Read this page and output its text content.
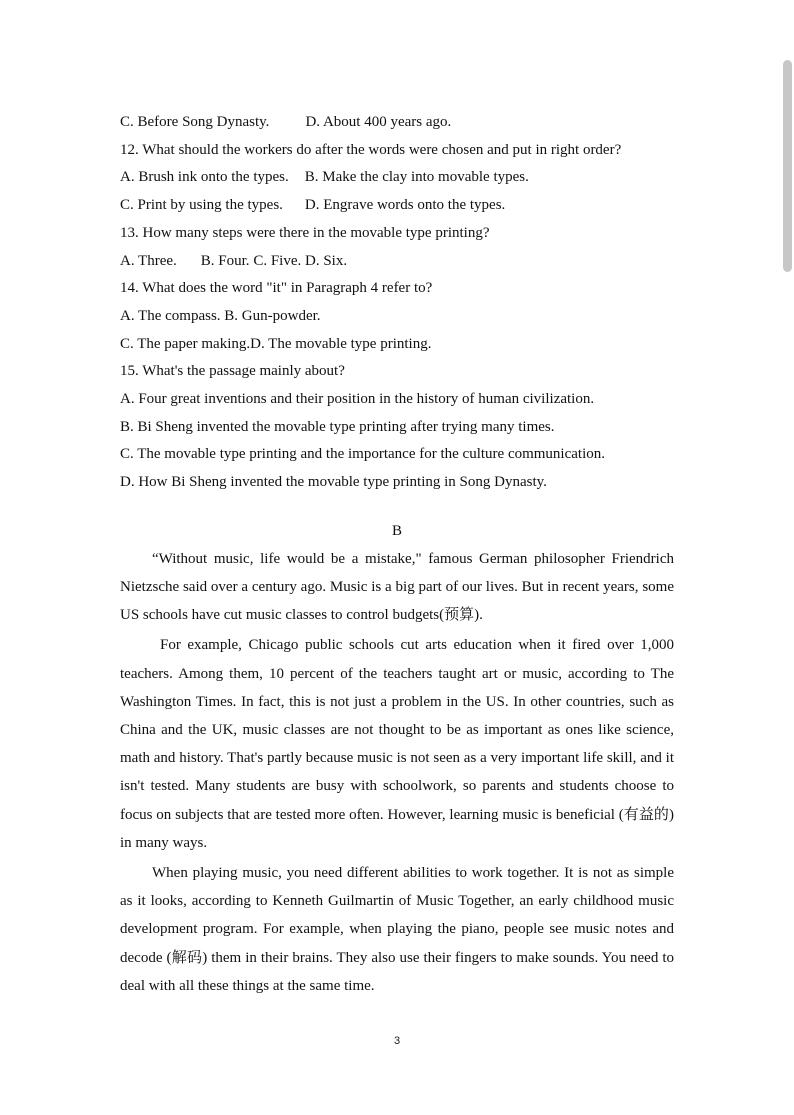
C. Before Song Dynasty. D. About 400 years ago.
12. What should the workers do after the words were chosen and put in right order?
A. Brush ink onto the types. B. Make the clay into movable types.
C. Print by using the types. D. Engrave words onto the types.
13. How many steps were there in the movable type printing?
A. Three. B. Four. C. Five. D. Six.
14. What does the word "it" in Paragraph 4 refer to?
A. The compass. B. Gun-powder.
C. The paper making.D. The movable type printing.
15. What's the passage mainly about?
A. Four great inventions and their position in the history of human civilization.
B. Bi Sheng invented the movable type printing after trying many times.
C. The movable type printing and the importance for the culture communication.
D. How Bi Sheng invented the movable type printing in Song Dynasty.
B

“Without music, life would be a mistake," famous German philosopher Friendrich Nietzsche said over a century ago. Music is a big part of our lives. But in recent years, some US schools have cut music classes to control budgets(预算).

For example, Chicago public schools cut arts education when it fired over 1,000 teachers. Among them, 10 percent of the teachers taught art or music, according to The Washington Times. In fact, this is not just a problem in the US. In other countries, such as China and the UK, music classes are not thought to be as important as ones like science, math and history. That's partly because music is not seen as a very important life skill, and it isn't tested. Many students are busy with schoolwork, so parents and students choose to focus on subjects that are tested more often. However, learning music is beneficial (有益的) in many ways.

When playing music, you need different abilities to work together. It is not as simple as it looks, according to Kenneth Guilmartin of Music Together, an early childhood music development program. For example, when playing the piano, people see music notes and decode (解码) them in their brains. They also use their fingers to make sounds. You need to deal with all these things at the same time.

3
